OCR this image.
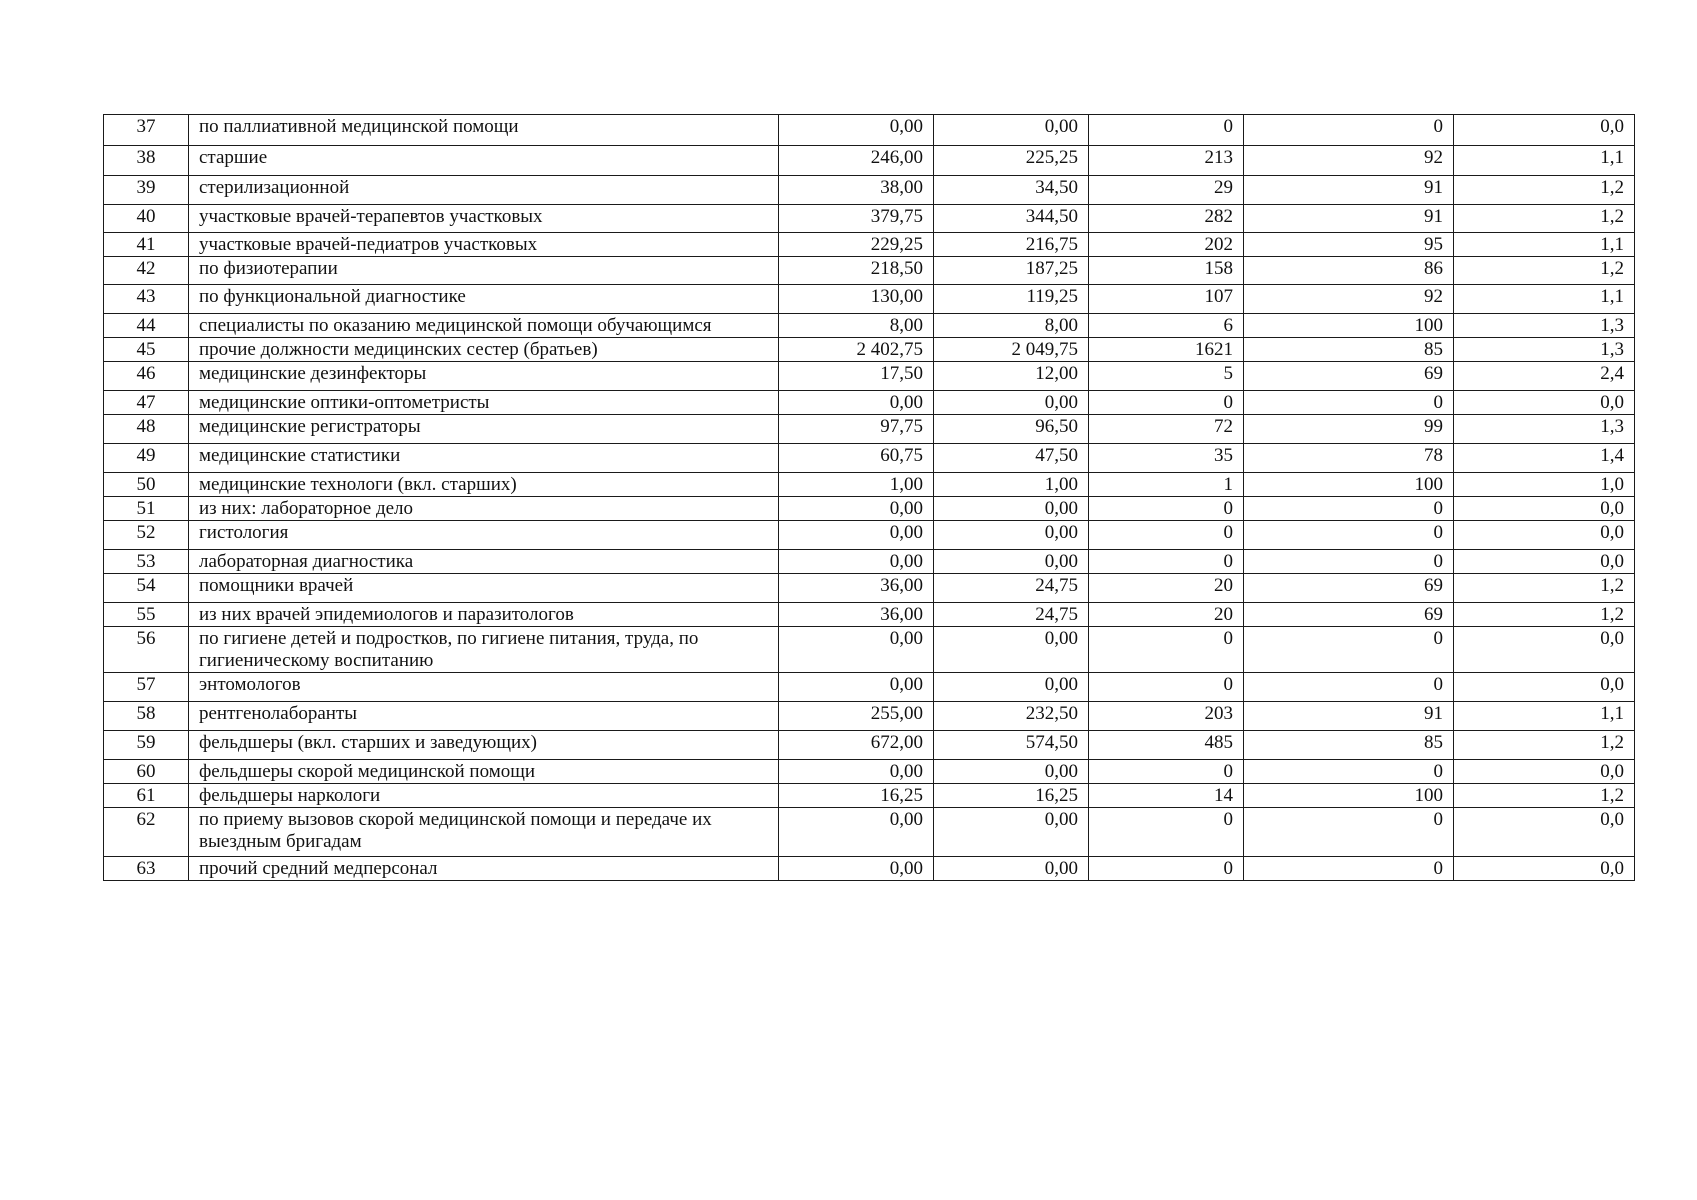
37	по паллиативной медицинской помощи	0,00	0,00	0	0	0,0
38	старшие	246,00	225,25	213	92	1,1
39	стерилизационной	38,00	34,50	29	91	1,2
40	участковые врачей-терапевтов участковых	379,75	344,50	282	91	1,2
41	участковые врачей-педиатров участковых	229,25	216,75	202	95	1,1
42	по физиотерапии	218,50	187,25	158	86	1,2
43	по функциональной диагностике	130,00	119,25	107	92	1,1
44	специалисты по оказанию медицинской помощи обучающимся	8,00	8,00	6	100	1,3
45	прочие должности медицинских сестер (братьев)	2 402,75	2 049,75	1621	85	1,3
46	медицинские дезинфекторы	17,50	12,00	5	69	2,4
47	медицинские оптики-оптометристы	0,00	0,00	0	0	0,0
48	медицинские регистраторы	97,75	96,50	72	99	1,3
49	медицинские статистики	60,75	47,50	35	78	1,4
50	медицинские технологи (вкл. старших)	1,00	1,00	1	100	1,0
51	из них: лабораторное дело	0,00	0,00	0	0	0,0
52	гистология	0,00	0,00	0	0	0,0
53	лабораторная диагностика	0,00	0,00	0	0	0,0
54	помощники врачей	36,00	24,75	20	69	1,2
55	из них врачей эпидемиологов и паразитологов	36,00	24,75	20	69	1,2
56	по гигиене детей и подростков, по гигиене питания, труда, по гигиеническому воспитанию	0,00	0,00	0	0	0,0
57	энтомологов	0,00	0,00	0	0	0,0
58	рентгенолаборанты	255,00	232,50	203	91	1,1
59	фельдшеры (вкл. старших и заведующих)	672,00	574,50	485	85	1,2
60	фельдшеры скорой медицинской помощи	0,00	0,00	0	0	0,0
61	фельдшеры наркологи	16,25	16,25	14	100	1,2
62	по приему вызовов скорой медицинской помощи и передаче их выездным бригадам	0,00	0,00	0	0	0,0
63	прочий средний медперсонал	0,00	0,00	0	0	0,0
